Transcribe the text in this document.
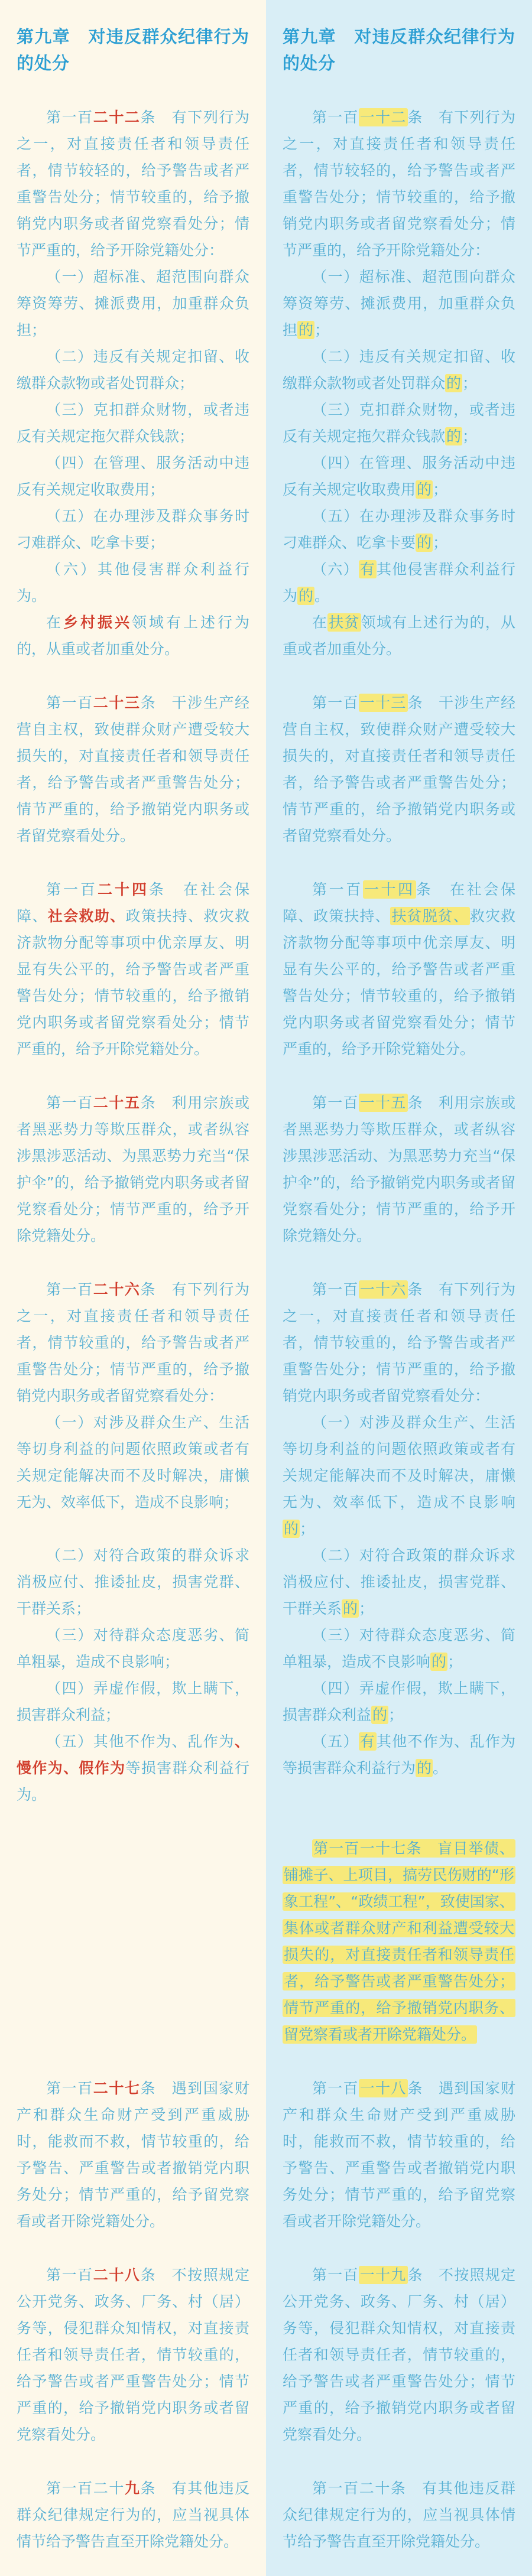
第九章　对违反群众纪律行为的处分

第九章　对违反群众纪律行为的处分

第一百二十二条　有下列行为之一，对直接责任者和领导责任者，情节较轻的，给予警告或者严重警告处分；情节较重的，给予撤销党内职务或者留党察看处分；情节严重的，给予开除党籍处分：

第一百一十二条　有下列行为之一，对直接责任者和领导责任者，情节较轻的，给予警告或者严重警告处分；情节较重的，给予撤销党内职务或者留党察看处分；情节严重的，给予开除党籍处分：

（一）超标准、超范围向群众筹资筹劳、摊派费用，加重群众负担；

（一）超标准、超范围向群众筹资筹劳、摊派费用，加重群众负担的；

（二）违反有关规定扣留、收缴群众款物或者处罚群众；

（二）违反有关规定扣留、收缴群众款物或者处罚群众的；

（三）克扣群众财物，或者违反有关规定拖欠群众钱款；

（三）克扣群众财物，或者违反有关规定拖欠群众钱款的；

（四）在管理、服务活动中违反有关规定收取费用；

（四）在管理、服务活动中违反有关规定收取费用的；

（五）在办理涉及群众事务时刁难群众、吃拿卡要；

（五）在办理涉及群众事务时刁难群众、吃拿卡要的；

（六）其他侵害群众利益行为。

（六）有其他侵害群众利益行为的。

在乡村振兴领域有上述行为的，从重或者加重处分。

在扶贫领域有上述行为的，从重或者加重处分。

第一百二十三条　干涉生产经营自主权，致使群众财产遭受较大损失的，对直接责任者和领导责任者，给予警告或者严重警告处分；情节严重的，给予撤销党内职务或者留党察看处分。

第一百一十三条　干涉生产经营自主权，致使群众财产遭受较大损失的，对直接责任者和领导责任者，给予警告或者严重警告处分；情节严重的，给予撤销党内职务或者留党察看处分。

第一百二十四条　在社会保障、社会救助、政策扶持、救灾救济款物分配等事项中优亲厚友、明显有失公平的，给予警告或者严重警告处分；情节较重的，给予撤销党内职务或者留党察看处分；情节严重的，给予开除党籍处分。

第一百一十四条　在社会保障、政策扶持、扶贫脱贫、救灾救济款物分配等事项中优亲厚友、明显有失公平的，给予警告或者严重警告处分；情节较重的，给予撤销党内职务或者留党察看处分；情节严重的，给予开除党籍处分。

第一百二十五条　利用宗族或者黑恶势力等欺压群众，或者纵容涉黑涉恶活动、为黑恶势力充当“保护伞”的，给予撤销党内职务或者留党察看处分；情节严重的，给予开除党籍处分。

第一百一十五条　利用宗族或者黑恶势力等欺压群众，或者纵容涉黑涉恶活动、为黑恶势力充当“保护伞”的，给予撤销党内职务或者留党察看处分；情节严重的，给予开除党籍处分。

第一百二十六条　有下列行为之一，对直接责任者和领导责任者，情节较重的，给予警告或者严重警告处分；情节严重的，给予撤销党内职务或者留党察看处分：

第一百一十六条　有下列行为之一，对直接责任者和领导责任者，情节较重的，给予警告或者严重警告处分；情节严重的，给予撤销党内职务或者留党察看处分：

（一）对涉及群众生产、生活等切身利益的问题依照政策或者有关规定能解决而不及时解决，庸懒无为、效率低下，造成不良影响；

（一）对涉及群众生产、生活等切身利益的问题依照政策或者有关规定能解决而不及时解决，庸懒无为、效率低下，造成不良影响的；

（二）对符合政策的群众诉求消极应付、推诿扯皮，损害党群、干群关系；

（二）对符合政策的群众诉求消极应付、推诿扯皮，损害党群、干群关系的；

（三）对待群众态度恶劣、简单粗暴，造成不良影响；

（三）对待群众态度恶劣、简单粗暴，造成不良影响的；

（四）弄虚作假，欺上瞒下，损害群众利益；

（四）弄虚作假，欺上瞒下，损害群众利益的；

（五）其他不作为、乱作为、慢作为、假作为等损害群众利益行为。

（五）有其他不作为、乱作为等损害群众利益行为的。

第一百一十七条　盲目举债、铺摊子、上项目，搞劳民伤财的“形象工程”、“政绩工程”，致使国家、集体或者群众财产和利益遭受较大损失的，对直接责任者和领导责任者，给予警告或者严重警告处分；情节严重的，给予撤销党内职务、留党察看或者开除党籍处分。

第一百二十七条　遇到国家财产和群众生命财产受到严重威胁时，能救而不救，情节较重的，给予警告、严重警告或者撤销党内职务处分；情节严重的，给予留党察看或者开除党籍处分。

第一百一十八条　遇到国家财产和群众生命财产受到严重威胁时，能救而不救，情节较重的，给予警告、严重警告或者撤销党内职务处分；情节严重的，给予留党察看或者开除党籍处分。

第一百二十八条　不按照规定公开党务、政务、厂务、村（居）务等，侵犯群众知情权，对直接责任者和领导责任者，情节较重的，给予警告或者严重警告处分；情节严重的，给予撤销党内职务或者留党察看处分。

第一百一十九条　不按照规定公开党务、政务、厂务、村（居）务等，侵犯群众知情权，对直接责任者和领导责任者，情节较重的，给予警告或者严重警告处分；情节严重的，给予撤销党内职务或者留党察看处分。

第一百二十九条　有其他违反群众纪律规定行为的，应当视具体情节给予警告直至开除党籍处分。

第一百二十条　有其他违反群众纪律规定行为的，应当视具体情节给予警告直至开除党籍处分。
